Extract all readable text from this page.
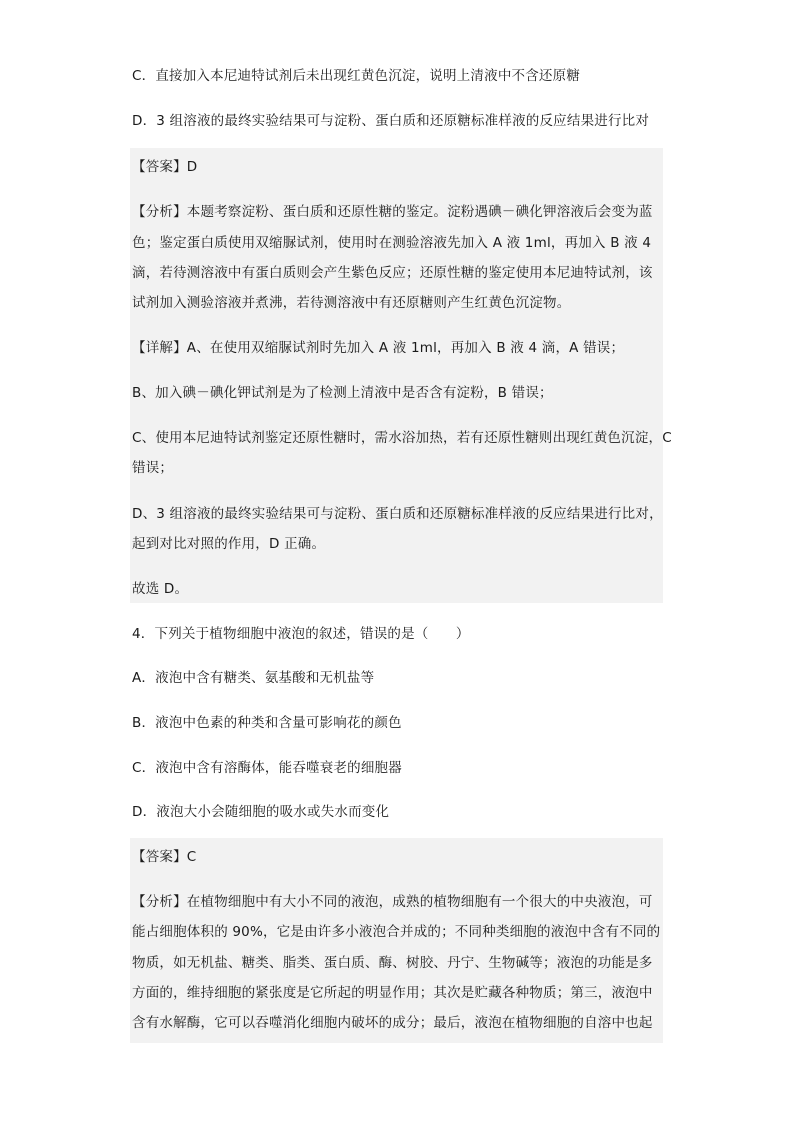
C．直接加入本尼迪特试剂后未出现红黄色沉淀，说明上清液中不含还原糖
D．3 组溶液的最终实验结果可与淀粉、蛋白质和还原糖标准样液的反应结果进行比对
【答案】D
【分析】本题考察淀粉、蛋白质和还原性糖的鉴定。淀粉遇碘－碘化钾溶液后会变为蓝
色；鉴定蛋白质使用双缩脲试剂，使用时在测验溶液先加入 A 液 1ml，再加入 B 液 4
滴，若待测溶液中有蛋白质则会产生紫色反应；还原性糖的鉴定使用本尼迪特试剂，该
试剂加入测验溶液并煮沸，若待测溶液中有还原糖则产生红黄色沉淀物。
【详解】A、在使用双缩脲试剂时先加入 A 液 1ml，再加入 B 液 4 滴，A 错误；
B、加入碘－碘化钾试剂是为了检测上清液中是否含有淀粉，B 错误；
C、使用本尼迪特试剂鉴定还原性糖时，需水浴加热，若有还原性糖则出现红黄色沉淀，C
错误；
D、3 组溶液的最终实验结果可与淀粉、蛋白质和还原糖标准样液的反应结果进行比对，
起到对比对照的作用，D 正确。
故选 D。
4．下列关于植物细胞中液泡的叙述，错误的是（　　）
A．液泡中含有糖类、氨基酸和无机盐等
B．液泡中色素的种类和含量可影响花的颜色
C．液泡中含有溶酶体，能吞噬衰老的细胞器
D．液泡大小会随细胞的吸水或失水而变化
【答案】C
【分析】在植物细胞中有大小不同的液泡，成熟的植物细胞有一个很大的中央液泡，可
能占细胞体积的 90%，它是由许多小液泡合并成的；不同种类细胞的液泡中含有不同的
物质，如无机盐、糖类、脂类、蛋白质、酶、树胶、丹宁、生物碱等；液泡的功能是多
方面的，维持细胞的紧张度是它所起的明显作用；其次是贮藏各种物质；第三，液泡中
含有水解酶，它可以吞噬消化细胞内破坏的成分；最后，液泡在植物细胞的自溶中也起
